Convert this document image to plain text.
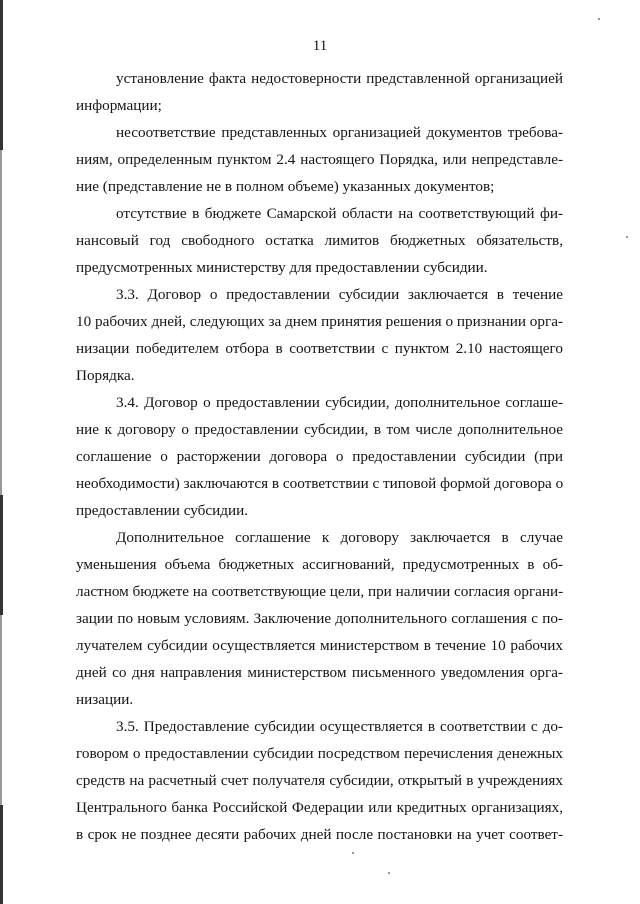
11
установление факта недостоверности представленной организацией
информации;
несоответствие представленных организацией документов требова-
ниям, определенным пунктом 2.4 настоящего Порядка, или непредставле-
ние (представление не в полном объеме) указанных документов;
отсутствие в бюджете Самарской области на соответствующий фи-
нансовый год свободного остатка лимитов бюджетных обязательств,
предусмотренных министерству для предоставлении субсидии.
3.3. Договор о предоставлении субсидии заключается в течение
10 рабочих дней, следующих за днем принятия решения о признании орга-
низации победителем отбора в соответствии с пунктом 2.10 настоящего
Порядка.
3.4. Договор о предоставлении субсидии, дополнительное соглаше-
ние к договору о предоставлении субсидии, в том числе дополнительное
соглашение о расторжении договора о предоставлении субсидии (при
необходимости) заключаются в соответствии с типовой формой договора о
предоставлении субсидии.
Дополнительное соглашение к договору заключается в случае
уменьшения объема бюджетных ассигнований, предусмотренных в об-
ластном бюджете на соответствующие цели, при наличии согласия органи-
зации по новым условиям. Заключение дополнительного соглашения с по-
лучателем субсидии осуществляется министерством в течение 10 рабочих
дней со дня направления министерством письменного уведомления орга-
низации.
3.5. Предоставление субсидии осуществляется в соответствии с до-
говором о предоставлении субсидии посредством перечисления денежных
средств на расчетный счет получателя субсидии, открытый в учреждениях
Центрального банка Российской Федерации или кредитных организациях,
в срок не позднее десяти рабочих дней после постановки на учет соответ-
